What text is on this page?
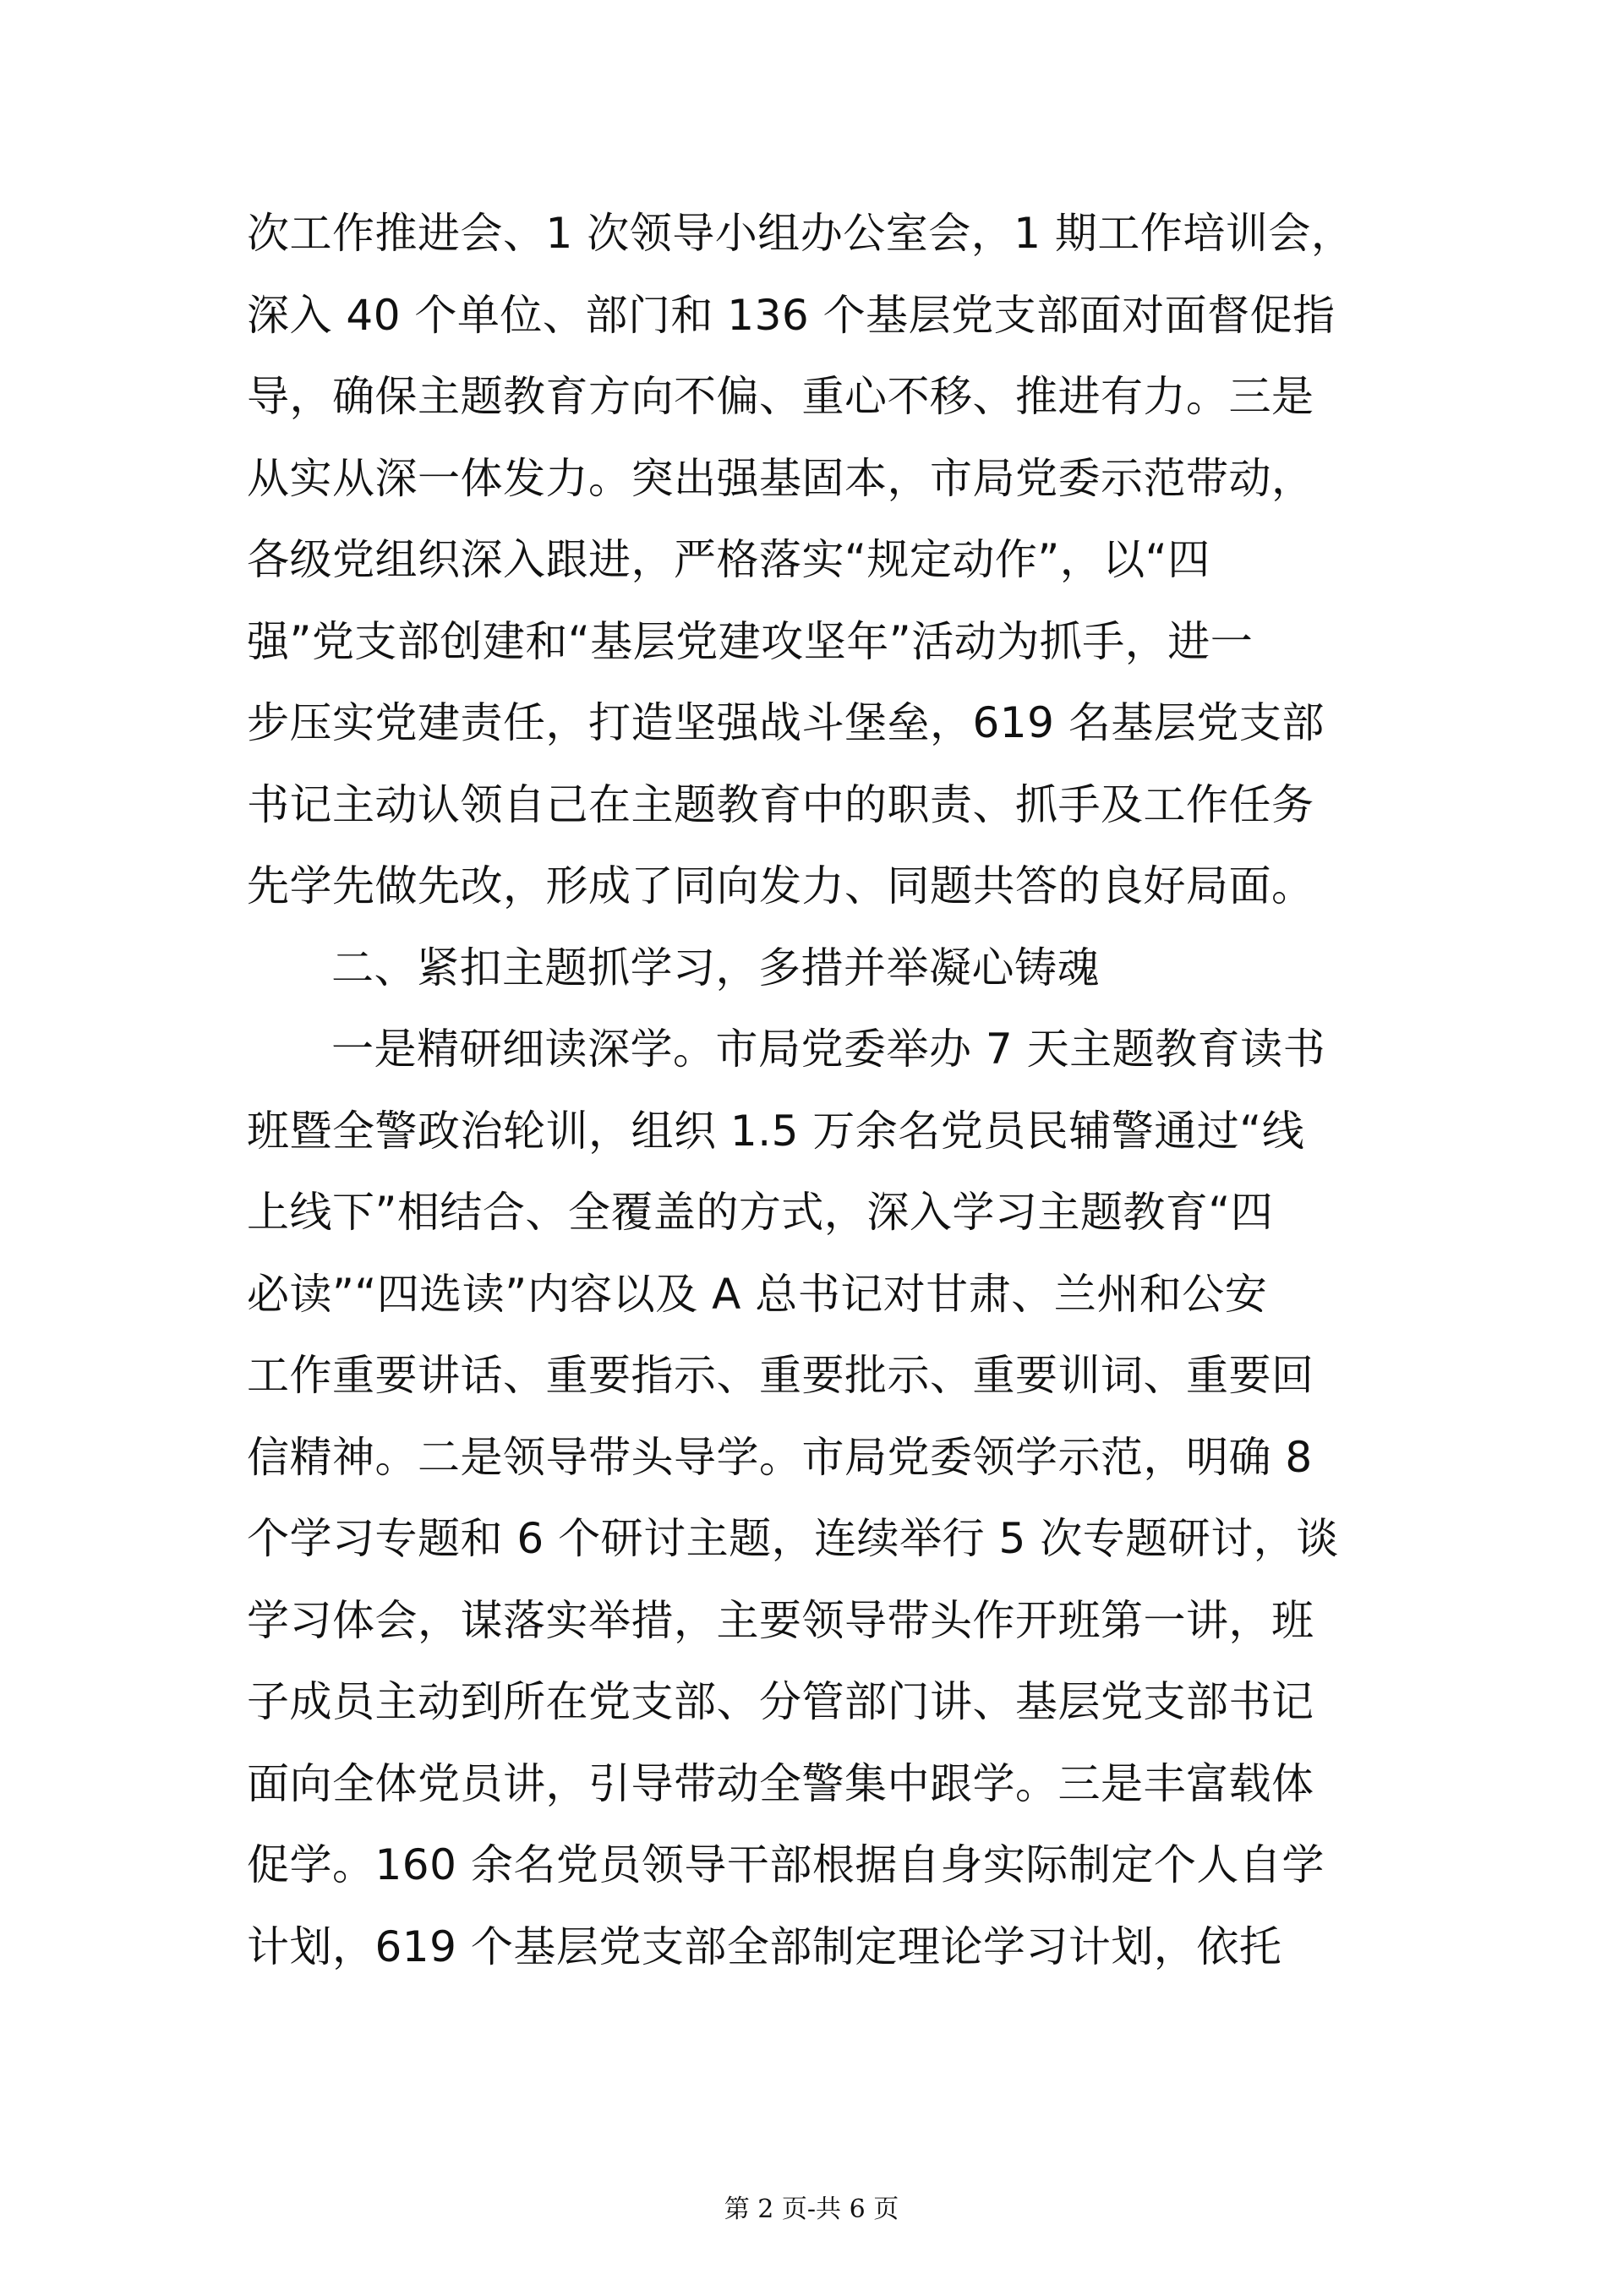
次工作推进会、1 次领导小组办公室会，1 期工作培训会，
深入 40 个单位、部门和 136 个基层党支部面对面督促指
导，确保主题教育方向不偏、重心不移、推进有力。三是
从实从深一体发力。突出强基固本，市局党委示范带动，
各级党组织深入跟进，严格落实“规定动作”，以“四
强”党支部创建和“基层党建攻坚年”活动为抓手，进一
步压实党建责任，打造坚强战斗堡垒，619 名基层党支部
书记主动认领自己在主题教育中的职责、抓手及工作任务
先学先做先改，形成了同向发力、同题共答的良好局面。
二、紧扣主题抓学习，多措并举凝心铸魂
一是精研细读深学。市局党委举办 7 天主题教育读书
班暨全警政治轮训，组织 1.5 万余名党员民辅警通过“线
上线下”相结合、全覆盖的方式，深入学习主题教育“四
必读”“四选读”内容以及 A 总书记对甘肃、兰州和公安
工作重要讲话、重要指示、重要批示、重要训词、重要回
信精神。二是领导带头导学。市局党委领学示范，明确 8
个学习专题和 6 个研讨主题，连续举行 5 次专题研讨，谈
学习体会，谋落实举措，主要领导带头作开班第一讲，班
子成员主动到所在党支部、分管部门讲、基层党支部书记
面向全体党员讲，引导带动全警集中跟学。三是丰富载体
促学。160 余名党员领导干部根据自身实际制定个人自学
计划，619 个基层党支部全部制定理论学习计划，依托
第 2 页-共 6 页
